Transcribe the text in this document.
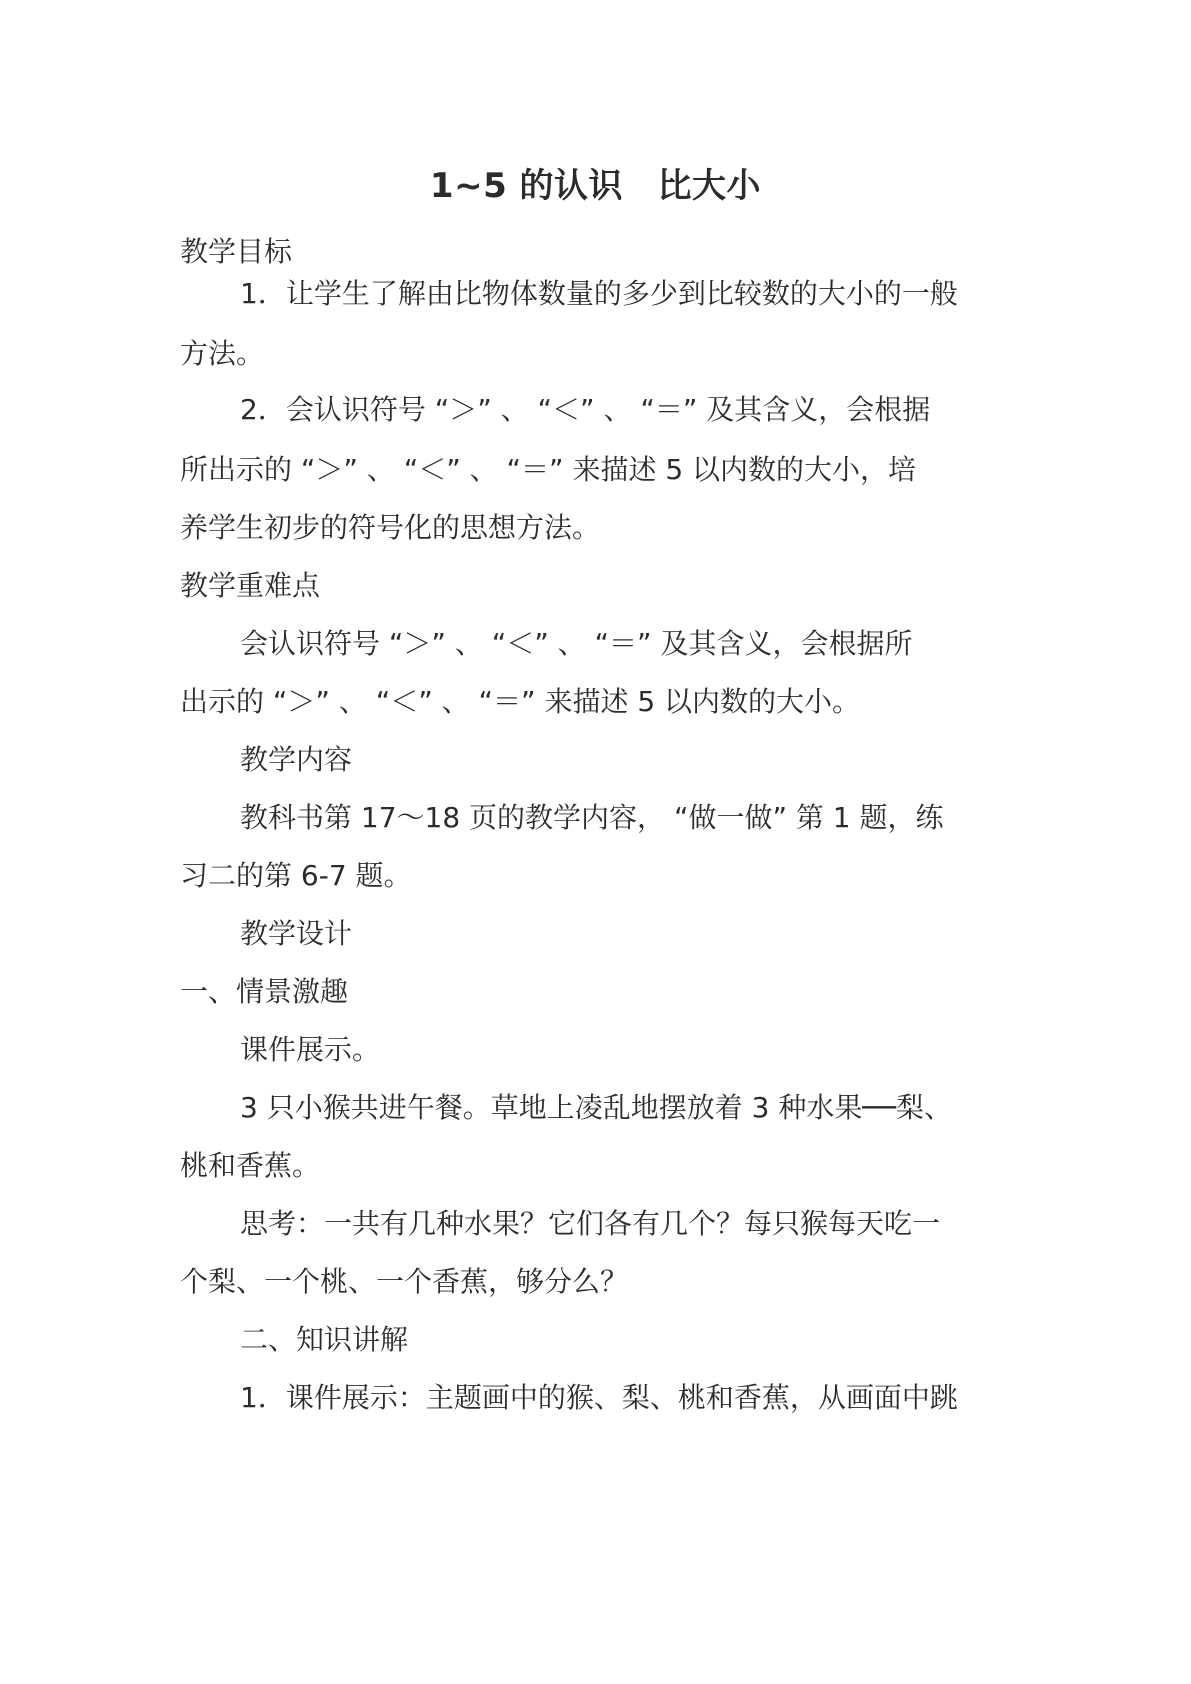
1~5 的认识　比大小
教学目标
1．让学生了解由比物体数量的多少到比较数的大小的一般
方法。
2．会认识符号 “＞” 、 “＜” 、 “＝” 及其含义，会根据
所出示的 “＞” 、 “＜” 、 “＝” 来描述 5 以内数的大小，培
养学生初步的符号化的思想方法。
教学重难点
会认识符号 “＞” 、 “＜” 、 “＝” 及其含义，会根据所
出示的 “＞” 、 “＜” 、 “＝” 来描述 5 以内数的大小。
教学内容
教科书第 17～18 页的教学内容， “做一做” 第 1 题，练
习二的第 6-7 题。
教学设计
一、情景激趣
课件展示。
3 只小猴共进午餐。草地上凌乱地摆放着 3 种水果──梨、
桃和香蕉。
思考：一共有几种水果？它们各有几个？每只猴每天吃一
个梨、一个桃、一个香蕉，够分么？
二、知识讲解
1．课件展示：主题画中的猴、梨、桃和香蕉，从画面中跳
